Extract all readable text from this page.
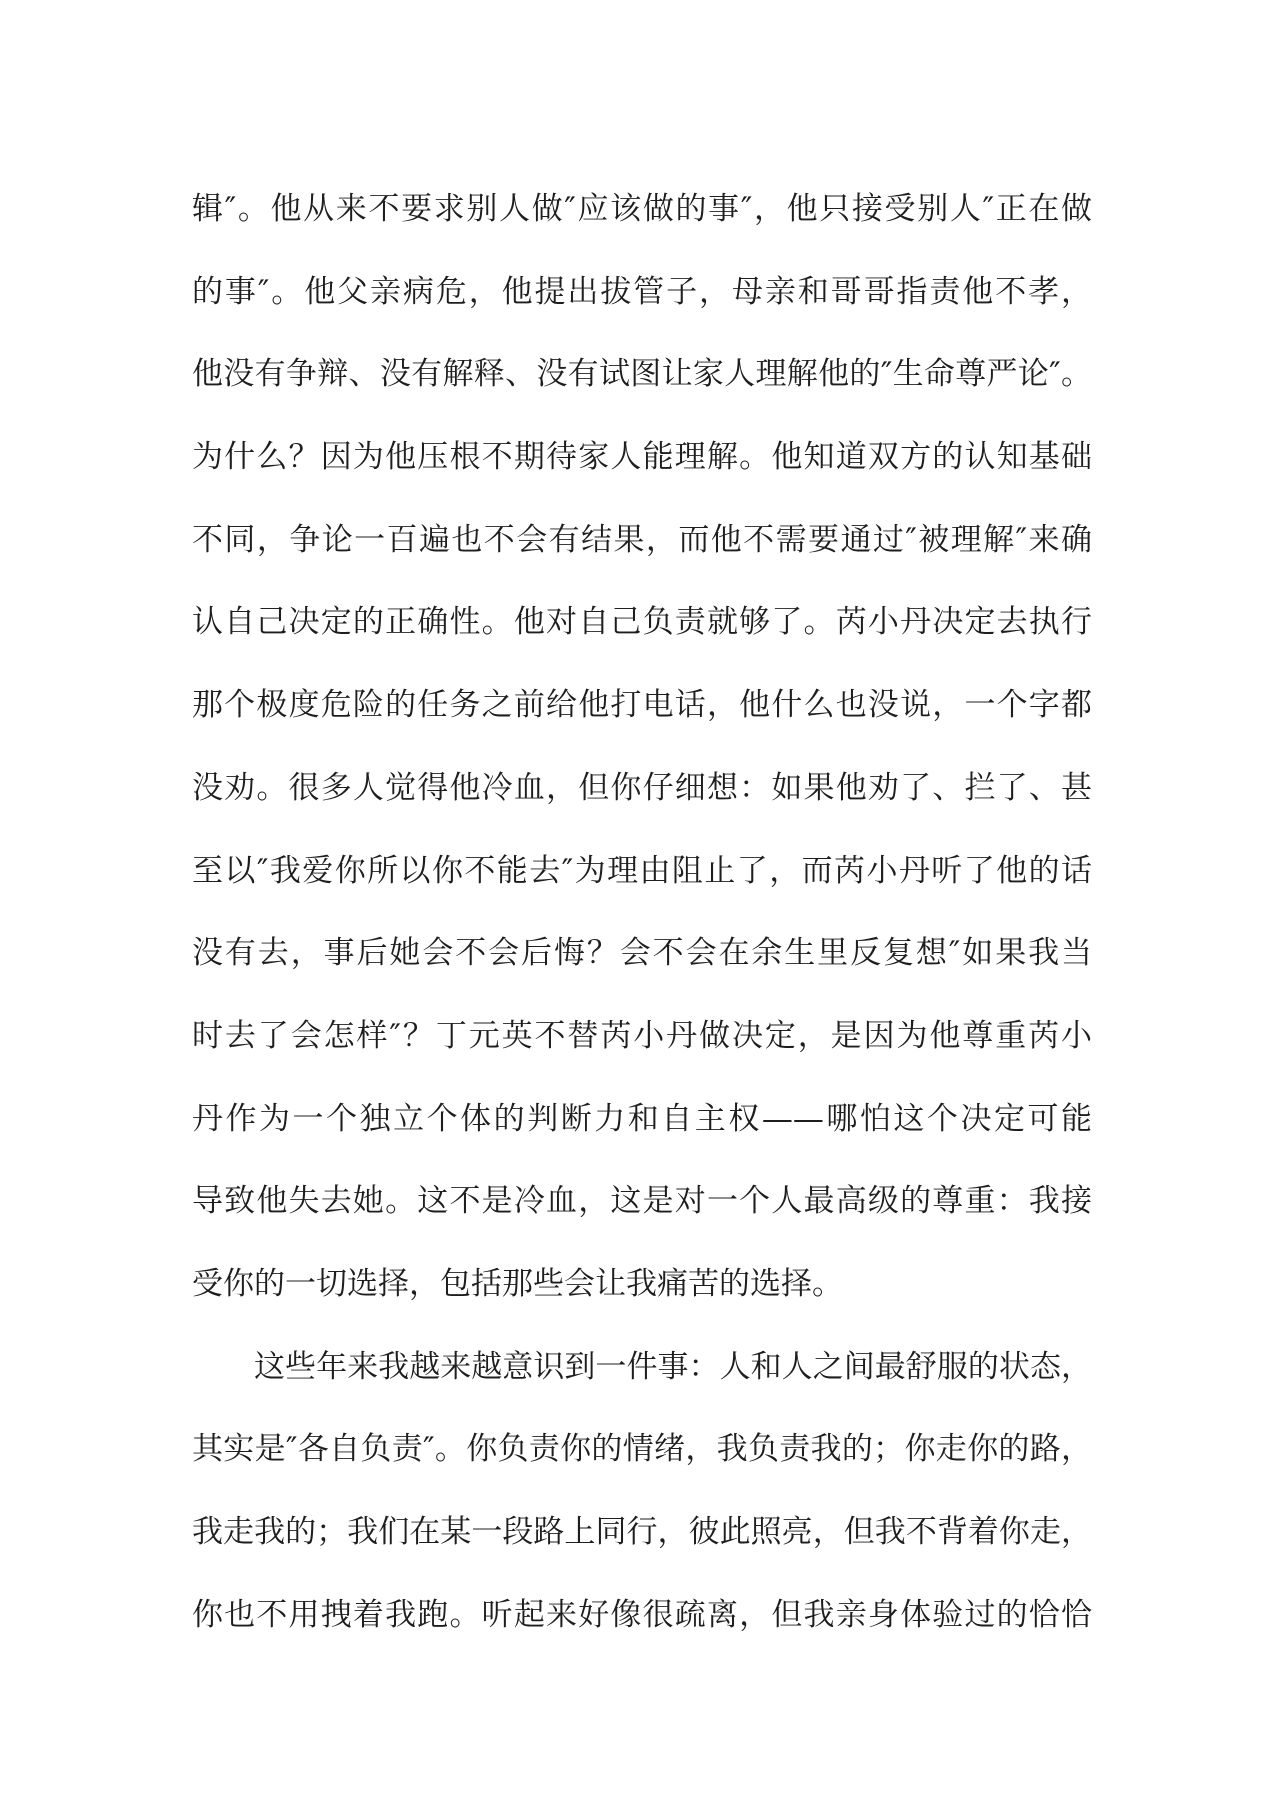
辑″。他从来不要求别人做″应该做的事″，他只接受别人″正在做
的事″。他父亲病危，他提出拔管子，母亲和哥哥指责他不孝，
他没有争辩、没有解释、没有试图让家人理解他的″生命尊严论″。
为什么？因为他压根不期待家人能理解。他知道双方的认知基础
不同，争论一百遍也不会有结果，而他不需要通过″被理解″来确
认自己决定的正确性。他对自己负责就够了。芮小丹决定去执行
那个极度危险的任务之前给他打电话，他什么也没说，一个字都
没劝。很多人觉得他冷血，但你仔细想：如果他劝了、拦了、甚
至以″我爱你所以你不能去″为理由阻止了，而芮小丹听了他的话
没有去，事后她会不会后悔？会不会在余生里反复想″如果我当
时去了会怎样″？丁元英不替芮小丹做决定，是因为他尊重芮小
丹作为一个独立个体的判断力和自主权——哪怕这个决定可能
导致他失去她。这不是冷血，这是对一个人最高级的尊重：我接
受你的一切选择，包括那些会让我痛苦的选择。
这些年来我越来越意识到一件事：人和人之间最舒服的状态，
其实是″各自负责″。你负责你的情绪，我负责我的；你走你的路，
我走我的；我们在某一段路上同行，彼此照亮，但我不背着你走，
你也不用拽着我跑。听起来好像很疏离，但我亲身体验过的恰恰
